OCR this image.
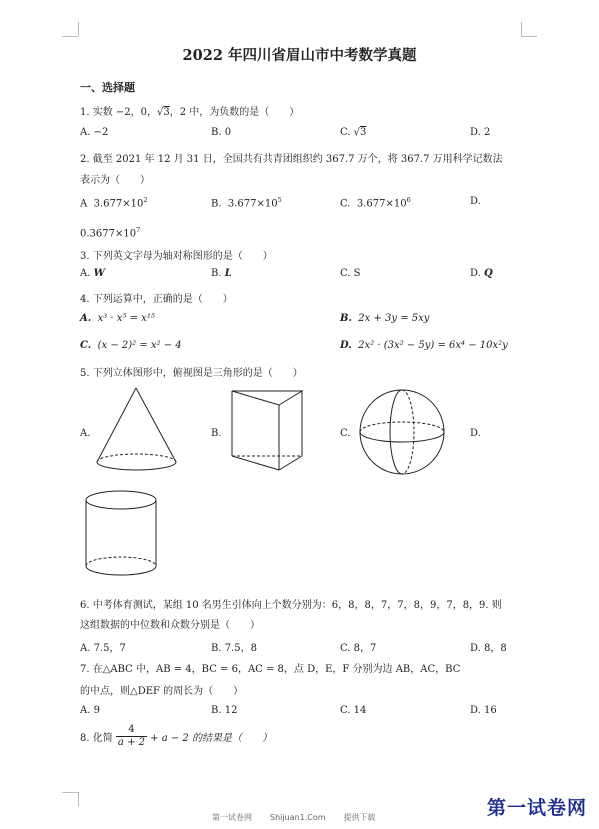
2022 年四川省眉山市中考数学真题
一、选择题
1. 实数 −2，0，√3，2 中，为负数的是（　　）
A. −2	B. 0	C. √3	D. 2
2. 截至 2021 年 12 月 31 日，全国共有共青团组织约 367.7 万个，将 367.7 万用科学记数法
表示为（　　）
A $3.677\times 10^2$	B. $3.677\times 10^5$	C. $3.677\times 10^6$	D.
$0.3677\times 10^7$
3. 下列英文字母为轴对称图形的是（　　）
A. W	B. L	C. S	D. Q
4. 下列运算中，正确的是（　　）
A. x³ · x⁵ = x¹⁵	B. 2x + 3y = 5xy
C. (x − 2)² = x² − 4	D. 2x² · (3x² − 5y) = 6x⁴ − 10x²y
5. 下列立体图形中，俯视图是三角形的是（　　）
A.	B.	C.	D.
6. 中考体育测试，某组 10 名男生引体向上个数分别为：6，8，8，7，7，8，9，7，8，9. 则
这组数据的中位数和众数分别是（　　）
A. 7.5，7	B. 7.5，8	C. 8，7	D. 8，8
7. 在△ABC 中，AB = 4，BC = 6，AC = 8，点 D，E，F 分别为边 AB，AC，BC
的中点，则△DEF 的周长为（　　）
A. 9	B. 12	C. 14	D. 16
8. 化简 $\frac{4}{a + 2} + a - 2$ 的结果是（　　）
第一试卷网 Shijuan1.Com 提供下载	第一试卷网
